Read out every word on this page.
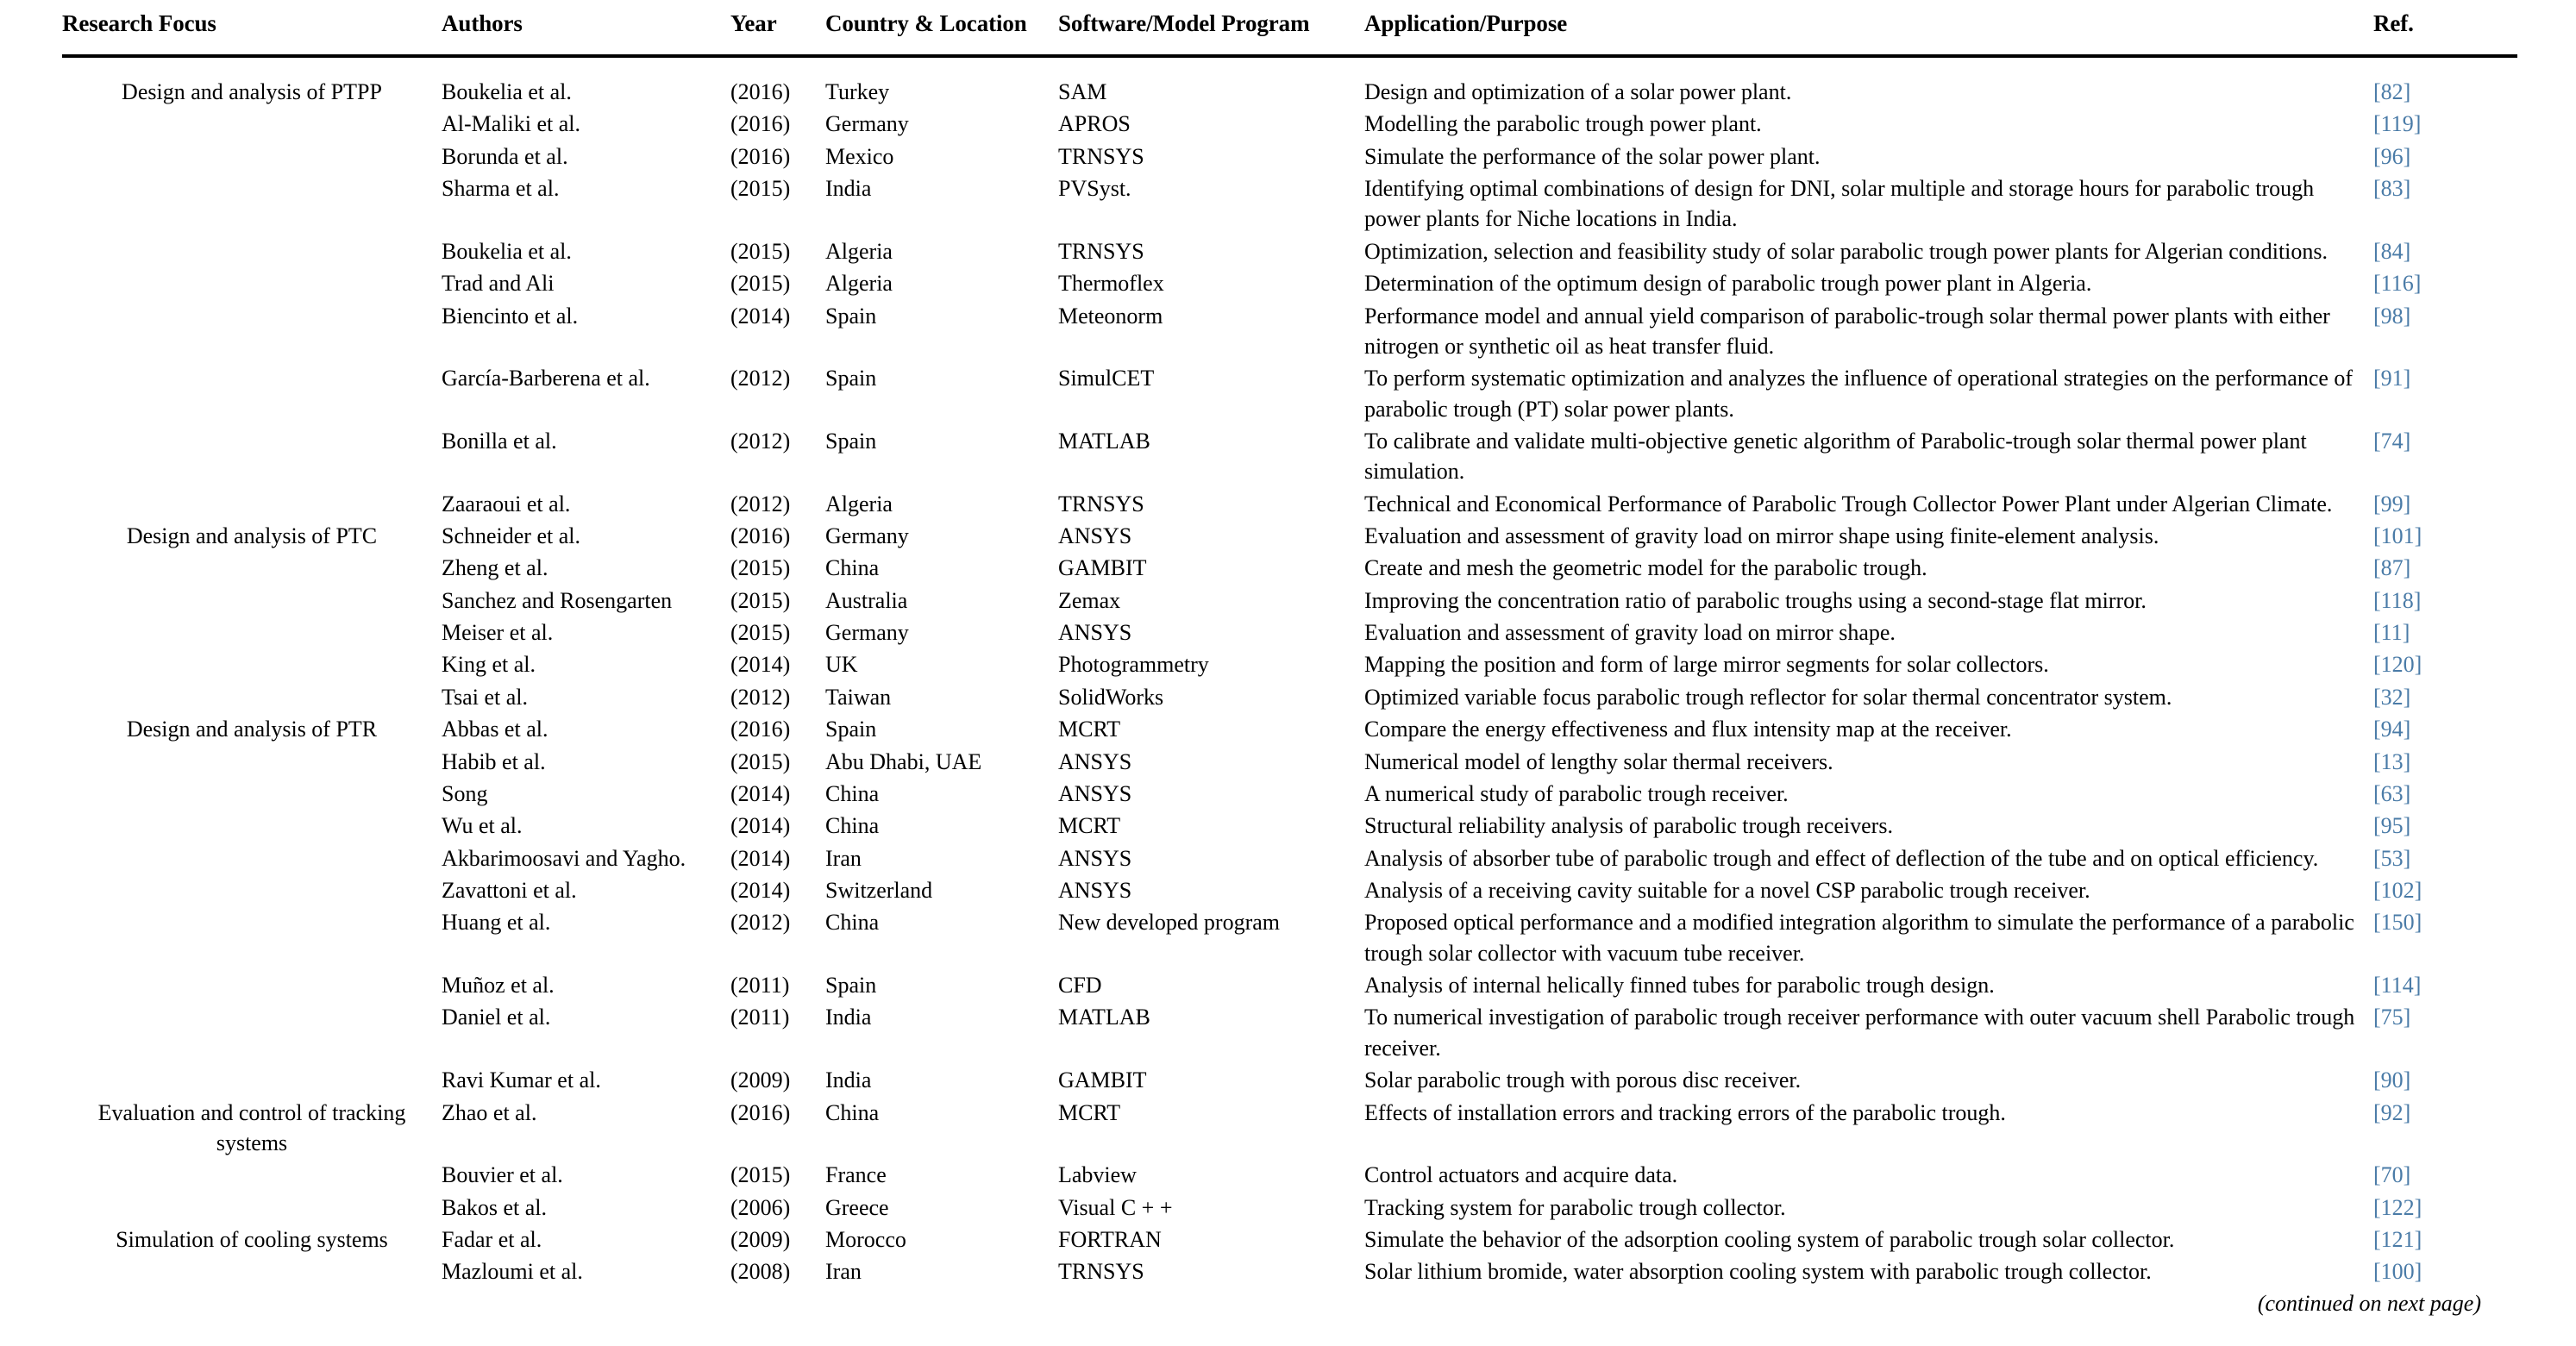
Research Focus	Authors	Year	Country & Location	Software/Model Program	Application/Purpose	Ref.

Design and analysis of PTPP	Boukelia et al.	(2016)	Turkey	SAM	Design and optimization of a solar power plant.	[82]

	Al-Maliki et al.	(2016)	Germany	APROS	Modelling the parabolic trough power plant.	[119]

	Borunda et al.	(2016)	Mexico	TRNSYS	Simulate the performance of the solar power plant.	[96]

	Sharma et al.	(2015)	India	PVSyst.	Identifying optimal combinations of design for DNI, solar multiple and storage hours for parabolic trough power plants for Niche locations in India.	[83]

	Boukelia et al.	(2015)	Algeria	TRNSYS	Optimization, selection and feasibility study of solar parabolic trough power plants for Algerian conditions.	[84]

	Trad and Ali	(2015)	Algeria	Thermoflex	Determination of the optimum design of parabolic trough power plant in Algeria.	[116]

	Biencinto et al.	(2014)	Spain	Meteonorm	Performance model and annual yield comparison of parabolic-trough solar thermal power plants with either nitrogen or synthetic oil as heat transfer fluid.	[98]

	García-Barberena et al.	(2012)	Spain	SimulCET	To perform systematic optimization and analyzes the influence of operational strategies on the performance of parabolic trough (PT) solar power plants.	[91]

	Bonilla et al.	(2012)	Spain	MATLAB	To calibrate and validate multi-objective genetic algorithm of Parabolic-trough solar thermal power plant simulation.	[74]

	Zaaraoui et al.	(2012)	Algeria	TRNSYS	Technical and Economical Performance of Parabolic Trough Collector Power Plant under Algerian Climate.	[99]

Design and analysis of PTC	Schneider et al.	(2016)	Germany	ANSYS	Evaluation and assessment of gravity load on mirror shape using finite-element analysis.	[101]

	Zheng et al.	(2015)	China	GAMBIT	Create and mesh the geometric model for the parabolic trough.	[87]

	Sanchez and Rosengarten	(2015)	Australia	Zemax	Improving the concentration ratio of parabolic troughs using a second-stage flat mirror.	[118]

	Meiser et al.	(2015)	Germany	ANSYS	Evaluation and assessment of gravity load on mirror shape.	[11]

	King et al.	(2014)	UK	Photogrammetry	Mapping the position and form of large mirror segments for solar collectors.	[120]

	Tsai et al.	(2012)	Taiwan	SolidWorks	Optimized variable focus parabolic trough reflector for solar thermal concentrator system.	[32]

Design and analysis of PTR	Abbas et al.	(2016)	Spain	MCRT	Compare the energy effectiveness and flux intensity map at the receiver.	[94]

	Habib et al.	(2015)	Abu Dhabi, UAE	ANSYS	Numerical model of lengthy solar thermal receivers.	[13]

	Song	(2014)	China	ANSYS	A numerical study of parabolic trough receiver.	[63]

	Wu et al.	(2014)	China	MCRT	Structural reliability analysis of parabolic trough receivers.	[95]

	Akbarimoosavi and Yagho.	(2014)	Iran	ANSYS	Analysis of absorber tube of parabolic trough and effect of deflection of the tube and on optical efficiency.	[53]

	Zavattoni et al.	(2014)	Switzerland	ANSYS	Analysis of a receiving cavity suitable for a novel CSP parabolic trough receiver.	[102]

	Huang et al.	(2012)	China	New developed program	Proposed optical performance and a modified integration algorithm to simulate the performance of a parabolic trough solar collector with vacuum tube receiver.	[150]

	Muñoz et al.	(2011)	Spain	CFD	Analysis of internal helically finned tubes for parabolic trough design.	[114]

	Daniel et al.	(2011)	India	MATLAB	To numerical investigation of parabolic trough receiver performance with outer vacuum shell Parabolic trough receiver.	[75]

	Ravi Kumar et al.	(2009)	India	GAMBIT	Solar parabolic trough with porous disc receiver.	[90]

Evaluation and control of tracking systems	Zhao et al.	(2016)	China	MCRT	Effects of installation errors and tracking errors of the parabolic trough.	[92]

	Bouvier et al.	(2015)	France	Labview	Control actuators and acquire data.	[70]

	Bakos et al.	(2006)	Greece	Visual C + +	Tracking system for parabolic trough collector.	[122]

Simulation of cooling systems	Fadar et al.	(2009)	Morocco	FORTRAN	Simulate the behavior of the adsorption cooling system of parabolic trough solar collector.	[121]

	Mazloumi et al.	(2008)	Iran	TRNSYS	Solar lithium bromide, water absorption cooling system with parabolic trough collector.	[100]
(continued on next page)
